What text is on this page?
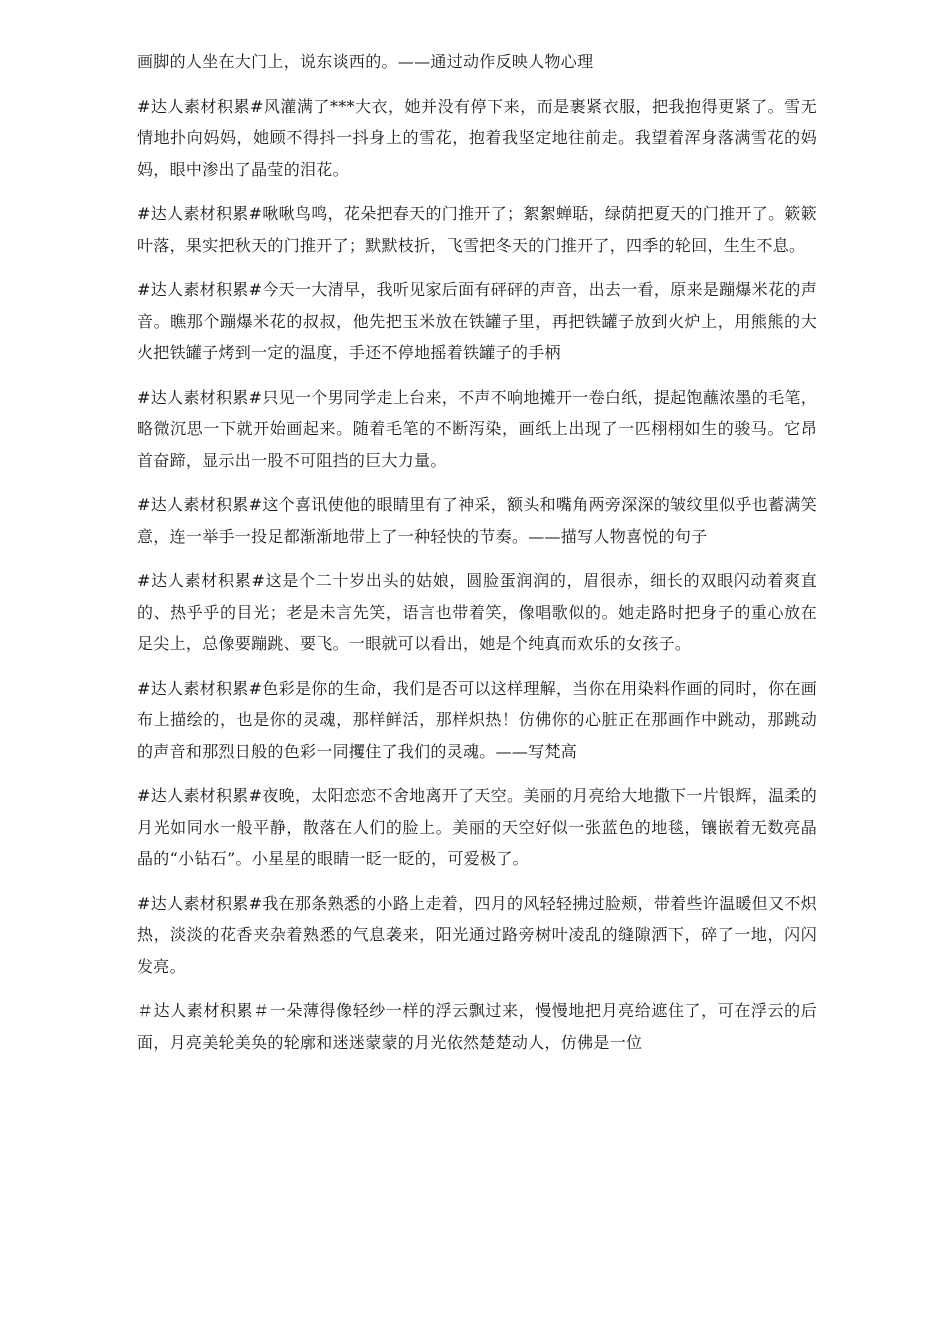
画脚的人坐在大门上，说东谈西的。——通过动作反映人物心理

#达人素材积累#风灌满了***大衣，她并没有停下来，而是裹紧衣服，把我抱得更紧了。雪无情地扑向妈妈，她顾不得抖一抖身上的雪花，抱着我坚定地往前走。我望着浑身落满雪花的妈妈，眼中渗出了晶莹的泪花。

#达人素材积累#啾啾鸟鸣，花朵把春天的门推开了；絮絮蝉聒，绿荫把夏天的门推开了。簌簌叶落，果实把秋天的门推开了；默默枝折，飞雪把冬天的门推开了，四季的轮回，生生不息。

#达人素材积累#今天一大清早，我听见家后面有砰砰的声音，出去一看，原来是蹦爆米花的声音。瞧那个蹦爆米花的叔叔，他先把玉米放在铁罐子里，再把铁罐子放到火炉上，用熊熊的大火把铁罐子烤到一定的温度，手还不停地摇着铁罐子的手柄

#达人素材积累#只见一个男同学走上台来，不声不响地摊开一卷白纸，提起饱蘸浓墨的毛笔，略微沉思一下就开始画起来。随着毛笔的不断泻染，画纸上出现了一匹栩栩如生的骏马。它昂首奋蹄，显示出一股不可阻挡的巨大力量。

#达人素材积累#这个喜讯使他的眼睛里有了神采，额头和嘴角两旁深深的皱纹里似乎也蓄满笑意，连一举手一投足都渐渐地带上了一种轻快的节奏。——描写人物喜悦的句子

#达人素材积累#这是个二十岁出头的姑娘，圆脸蛋润润的，眉很赤，细长的双眼闪动着爽直的、热乎乎的目光；老是未言先笑，语言也带着笑，像唱歌似的。她走路时把身子的重心放在足尖上，总像要蹦跳、要飞。一眼就可以看出，她是个纯真而欢乐的女孩子。

#达人素材积累#色彩是你的生命，我们是否可以这样理解，当你在用染料作画的同时，你在画布上描绘的，也是你的灵魂，那样鲜活，那样炽热！仿佛你的心脏正在那画作中跳动，那跳动的声音和那烈日般的色彩一同攫住了我们的灵魂。——写梵高

#达人素材积累#夜晚，太阳恋恋不舍地离开了天空。美丽的月亮给大地撒下一片银辉，温柔的月光如同水一般平静，散落在人们的脸上。美丽的天空好似一张蓝色的地毯，镶嵌着无数亮晶晶的“小钻石”。小星星的眼睛一眨一眨的，可爱极了。

#达人素材积累#我在那条熟悉的小路上走着，四月的风轻轻拂过脸颊，带着些许温暖但又不炽热，淡淡的花香夹杂着熟悉的气息袭来，阳光通过路旁树叶凌乱的缝隙洒下，碎了一地，闪闪发亮。

＃达人素材积累＃一朵薄得像轻纱一样的浮云飘过来，慢慢地把月亮给遮住了，可在浮云的后面，月亮美轮美奂的轮廓和迷迷蒙蒙的月光依然楚楚动人，仿佛是一位
